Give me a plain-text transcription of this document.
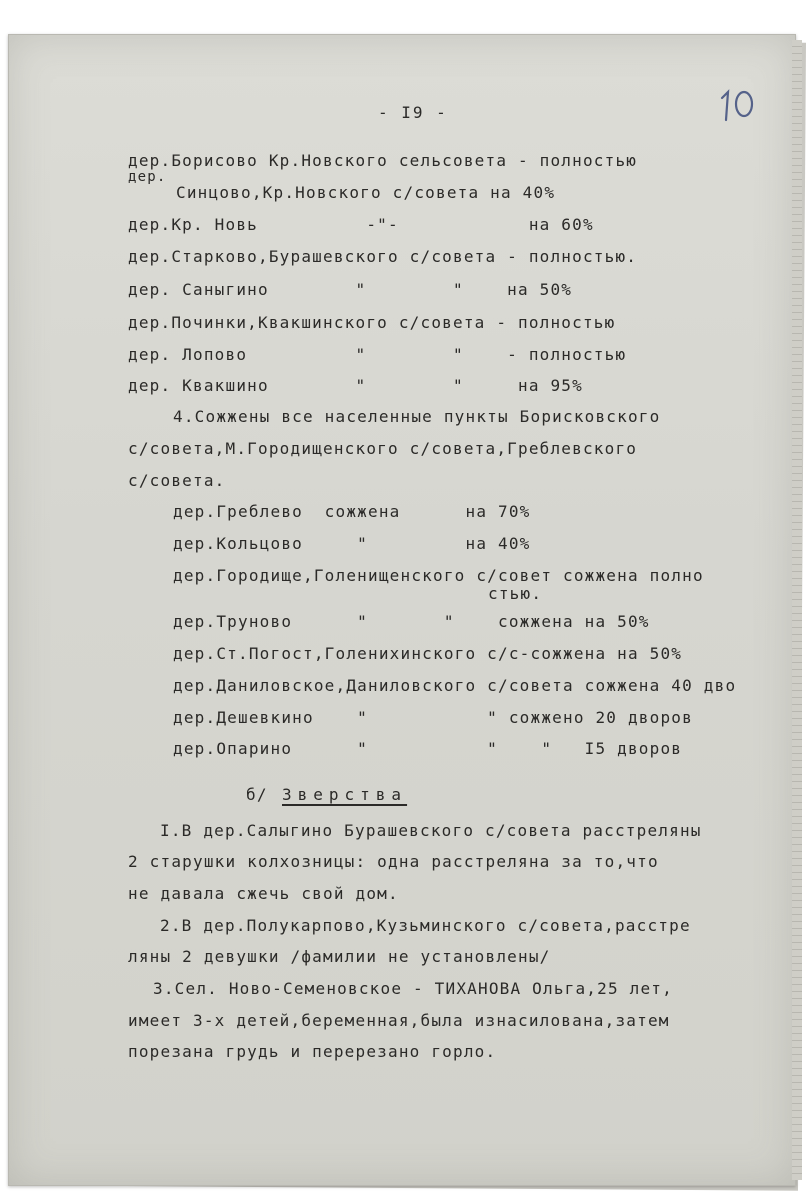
- I9 -
дер.Борисово Кр.Новского сельсовета - полностью
дер.
Синцово,Кр.Новского с/совета на 40%
дер.Кр. Новь          -"-            на 60%
дер.Старково,Бурашевского с/совета - полностью.
дер. Саныгино        "        "    на 50%
дер.Починки,Квакшинского с/совета - полностью
дер. Лопово          "        "    - полностью
дер. Квакшино        "        "     на 95%
4.Сожжены все населенные пункты Борисковского
с/совета,М.Городищенского с/совета,Греблевского
с/совета.
дер.Греблево  сожжена      на 70%
дер.Кольцово     "         на 40%
дер.Городище,Голенищенского с/совет сожжена полно
стью.
дер.Труново      "       "    сожжена на 50%
дер.Ст.Погост,Голенихинского с/с-сожжена на 50%
дер.Даниловское,Даниловского с/совета сожжена 40 дво
дер.Дешевкино    "           " сожжено 20 дворов
дер.Опарино      "           "    "   I5 дворов
б/ Зверства
I.В дер.Салыгино Бурашевского с/совета расстреляны
2 старушки колхозницы: одна расстреляна за то,что
не давала сжечь свой дом.
2.В дер.Полукарпово,Кузьминского с/совета,расстре
ляны 2 девушки /фамилии не установлены/
3.Сел. Ново-Семеновское - ТИХАНОВА Ольга,25 лет,
имеет 3-х детей,беременная,была изнасилована,затем
порезана грудь и перерезано горло.
